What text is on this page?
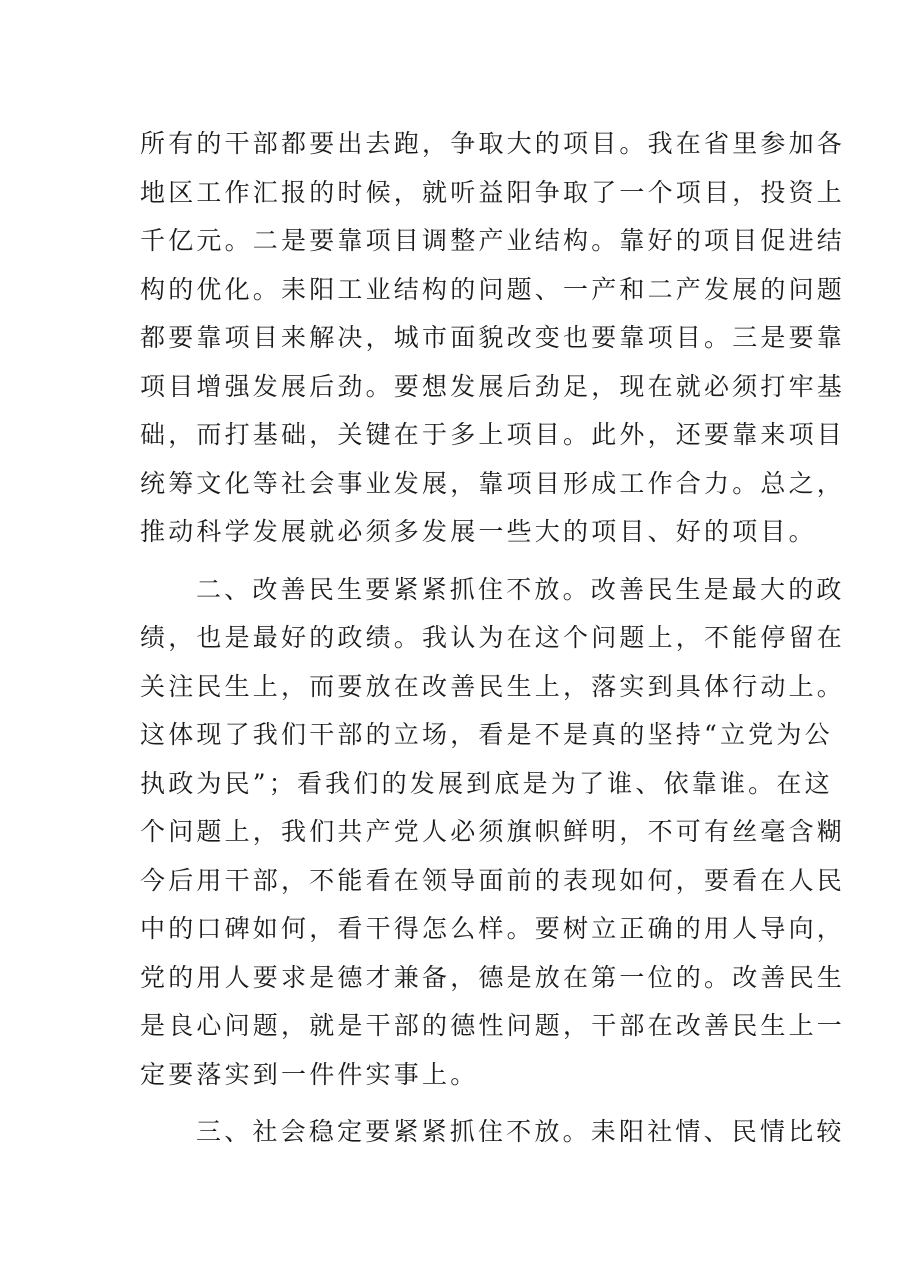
所有的干部都要出去跑，争取大的项目。我在省里参加各
地区工作汇报的时候，就听益阳争取了一个项目，投资上
千亿元。二是要靠项目调整产业结构。靠好的项目促进结
构的优化。耒阳工业结构的问题、一产和二产发展的问题
都要靠项目来解决，城市面貌改变也要靠项目。三是要靠
项目增强发展后劲。要想发展后劲足，现在就必须打牢基
础，而打基础，关键在于多上项目。此外，还要靠来项目
统筹文化等社会事业发展，靠项目形成工作合力。总之，
推动科学发展就必须多发展一些大的项目、好的项目。
二、改善民生要紧紧抓住不放。改善民生是最大的政
绩，也是最好的政绩。我认为在这个问题上，不能停留在
关注民生上，而要放在改善民生上，落实到具体行动上。
这体现了我们干部的立场，看是不是真的坚持“立党为公
执政为民”；看我们的发展到底是为了谁、依靠谁。在这
个问题上，我们共产党人必须旗帜鲜明，不可有丝毫含糊
今后用干部，不能看在领导面前的表现如何，要看在人民
中的口碑如何，看干得怎么样。要树立正确的用人导向，
党的用人要求是德才兼备，德是放在第一位的。改善民生
是良心问题，就是干部的德性问题，干部在改善民生上一
定要落实到一件件实事上。
三、社会稳定要紧紧抓住不放。耒阳社情、民情比较
